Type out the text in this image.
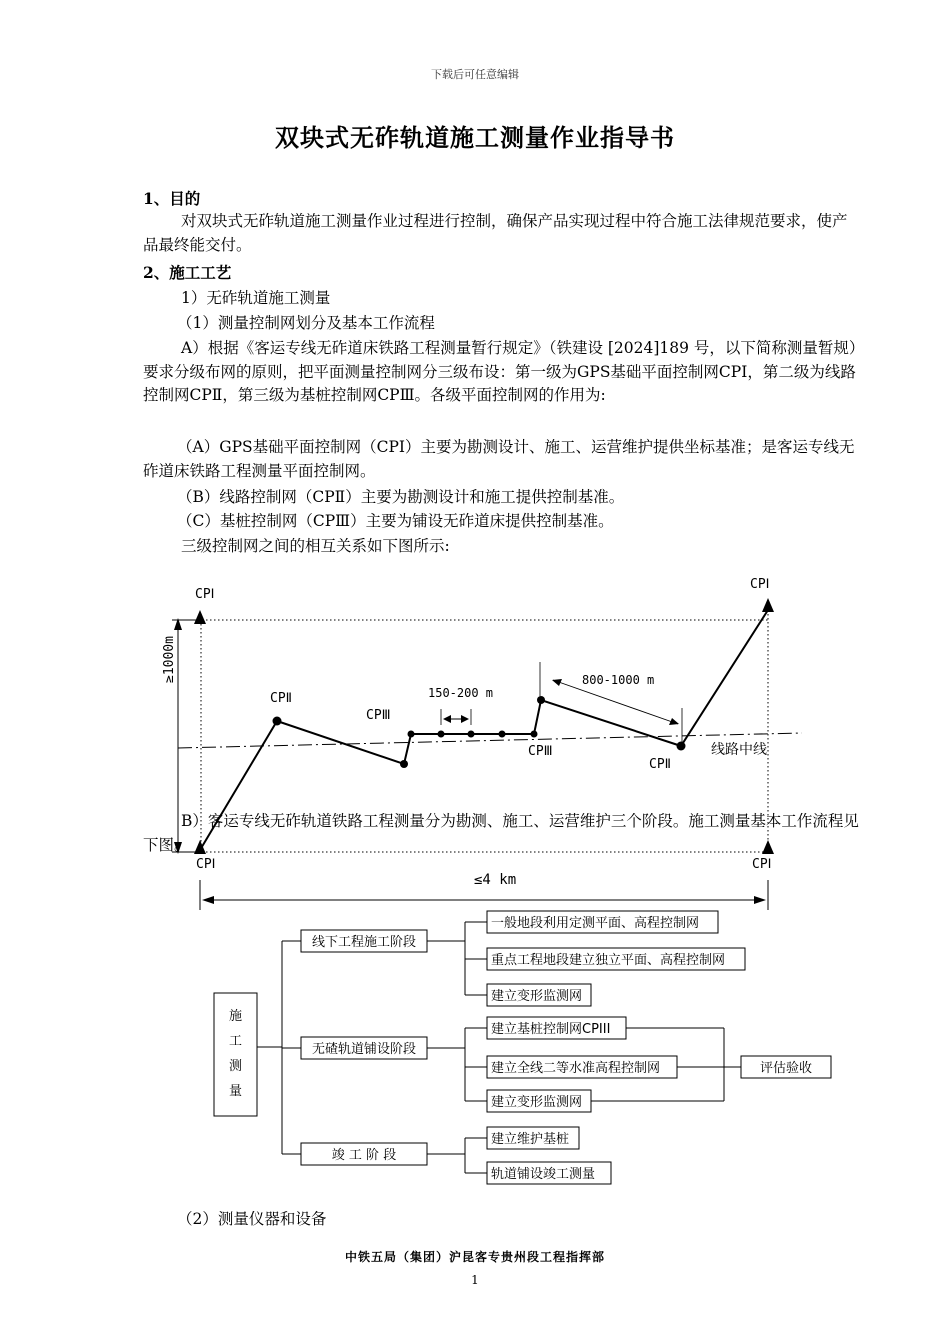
下载后可任意编辑
双块式无砟轨道施工测量作业指导书
1、目的
对双块式无砟轨道施工测量作业过程进行控制，确保产品实现过程中符合施工法律规范要求，使产品最终能交付。
2、施工工艺
1）无砟轨道施工测量
（1）测量控制网划分及基本工作流程
A）根据《客运专线无砟道床铁路工程测量暂行规定》（铁建设 [2024]189 号，以下简称测量暂规）要求分级布网的原则，把平面测量控制网分三级布设：第一级为GPS基础平面控制网CPⅠ，第二级为线路控制网CPⅡ，第三级为基桩控制网CPⅢ。各级平面控制网的作用为:
（A）GPS基础平面控制网（CPⅠ）主要为勘测设计、施工、运营维护提供坐标基准；是客运专线无砟道床铁路工程测量平面控制网。
（B）线路控制网（CPⅡ）主要为勘测设计和施工提供控制基准。
（C）基桩控制网（CPⅢ）主要为铺设无砟道床提供控制基准。
三级控制网之间的相互关系如下图所示:
CPⅠ
CPⅠ
CPⅠ	CPⅠ
CPⅡ
CPⅡ
CPⅢ
CPⅢ
150-200 m
800-1000 m
≤4 km
≥1000m
线路中线
B）客运专线无砟轨道铁路工程测量分为勘测、施工、运营维护三个阶段。施工测量基本工作流程见下图。
施
工
测
量
线下工程施工阶段
无碴轨道铺设阶段
竣 工 阶 段
一般地段利用定测平面、高程控制网
重点工程地段建立独立平面、高程控制网
建立变形监测网
建立基桩控制网CPIII
建立全线二等水准高程控制网
建立变形监测网
评估验收
建立维护基桩
轨道铺设竣工测量
（2）测量仪器和设备
中铁五局（集团）沪昆客专贵州段工程指挥部
1
